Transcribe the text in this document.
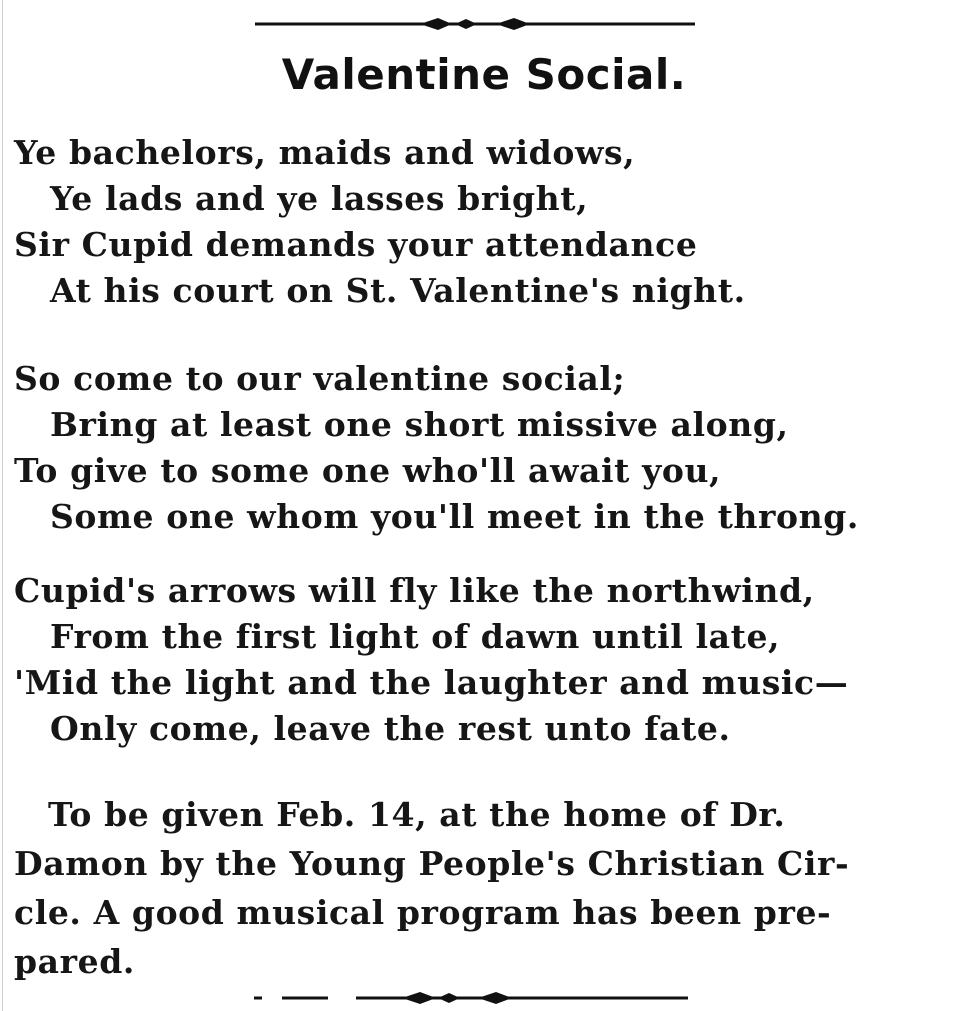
Valentine Social.
Ye bachelors, maids and widows,
Ye lads and ye lasses bright,
Sir Cupid demands your attendance
At his court on St. Valentine's night.
So come to our valentine social;
Bring at least one short missive along,
To give to some one who'll await you,
Some one whom you'll meet in the throng.
Cupid's arrows will fly like the northwind,
From the first light of dawn until late,
'Mid the light and the laughter and music—
Only come, leave the rest unto fate.
To be given Feb. 14, at the home of Dr.
Damon by the Young People's Christian Cir-
cle. A good musical program has been pre-
pared.
